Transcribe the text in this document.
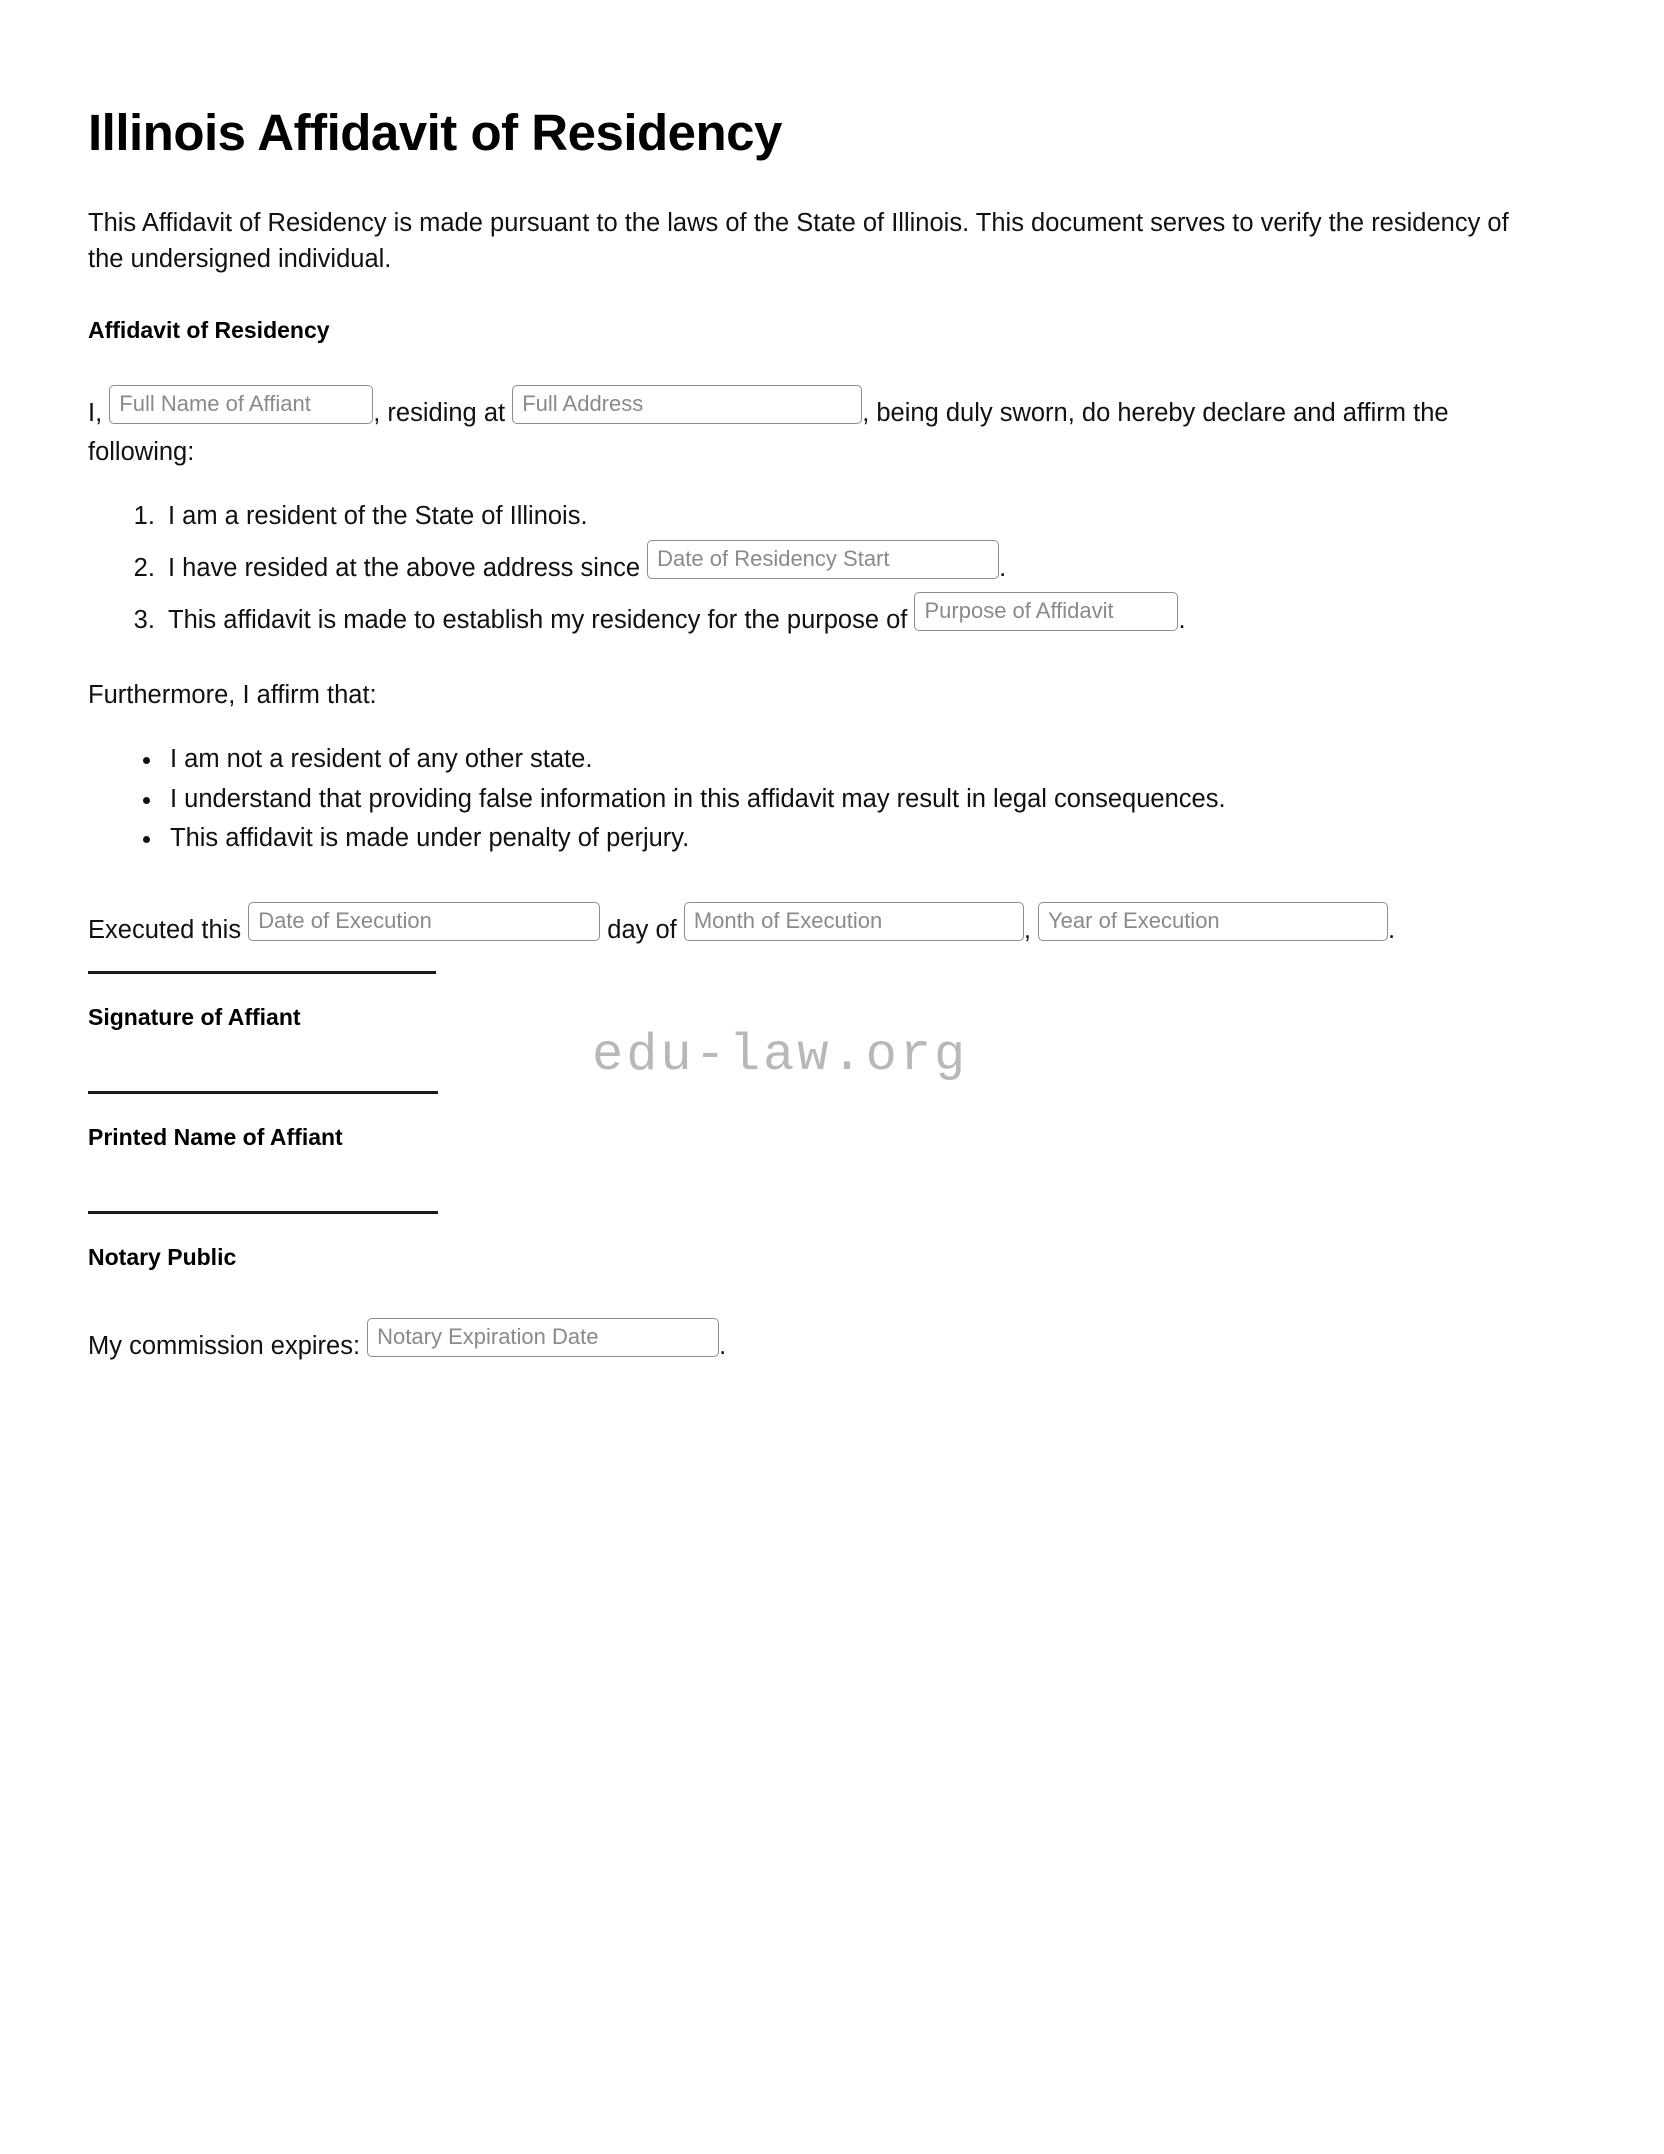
edu-law.org
Illinois Affidavit of Residency

This Affidavit of Residency is made pursuant to the laws of the State of Illinois. This document serves to verify the residency of the undersigned individual.

Affidavit of Residency

I, Full Name of Affiant , residing at Full Address	, being duly sworn, do hereby declare and affirm the following:

1. I am a resident of the State of Illinois.
2. I have resided at the above address since Date of Residency Start	.
3. This affidavit is made to establish my residency for the purpose of Purpose of Affidavit	.

Furthermore, I affirm that:

• I am not a resident of any other state.
• I understand that providing false information in this affidavit may result in legal consequences.
• This affidavit is made under penalty of perjury.

Executed this Date of Execution	day of Month of Execution	, Year of Execution	.

Signature of Affiant

Printed Name of Affiant

Notary Public

My commission expires: Notary Expiration Date	.
